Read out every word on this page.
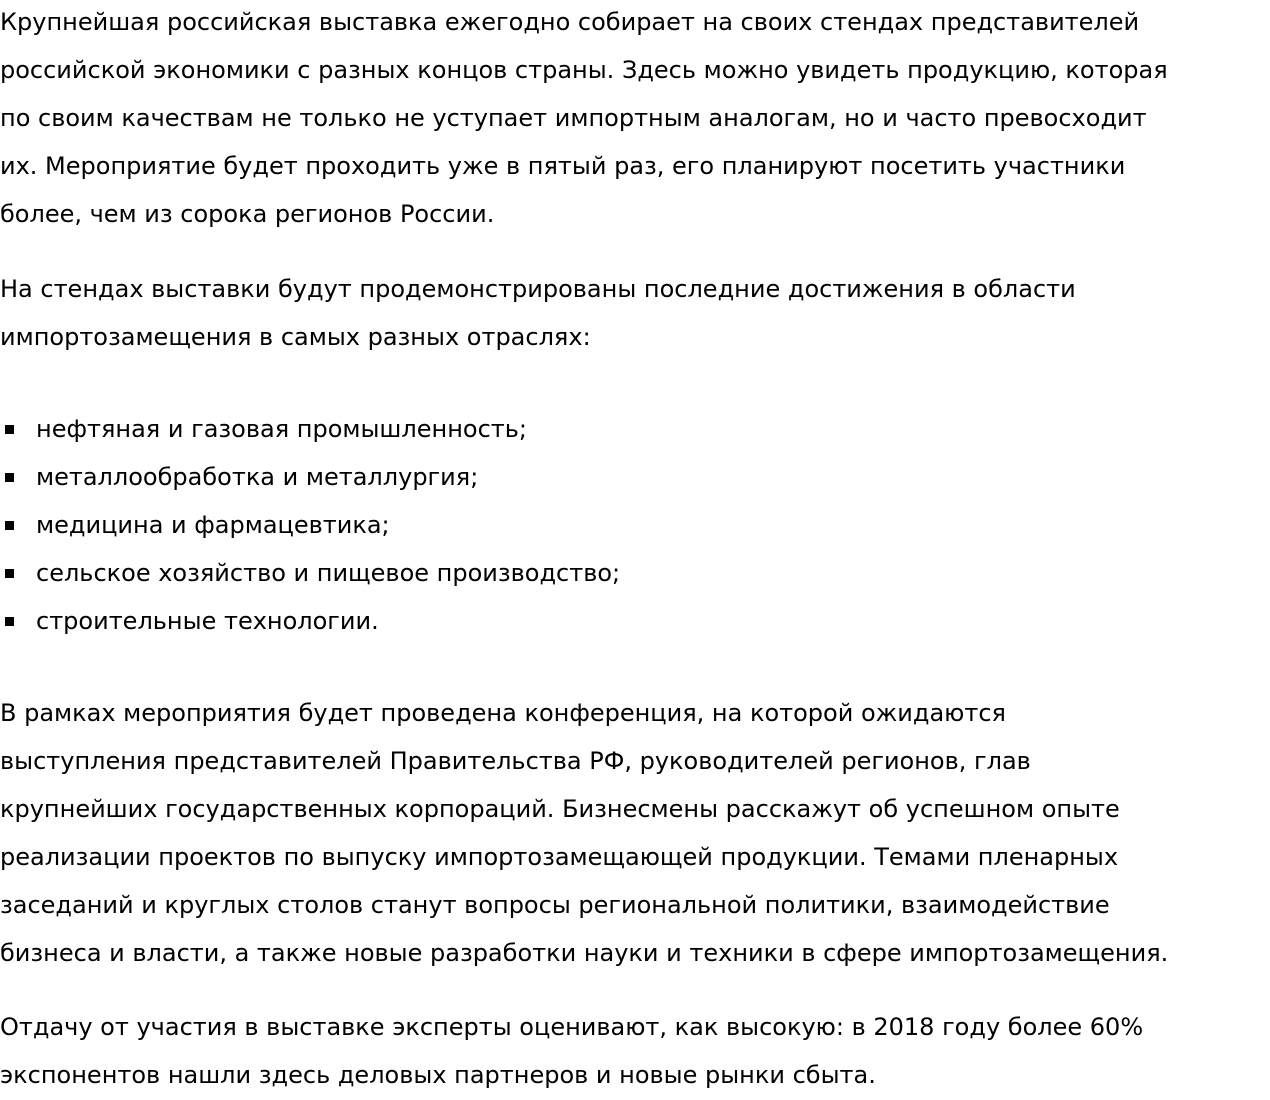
Крупнейшая российская выставка ежегодно собирает на своих стендах представителей
российской экономики с разных концов страны. Здесь можно увидеть продукцию, которая
по своим качествам не только не уступает импортным аналогам, но и часто превосходит
их. Мероприятие будет проходить уже в пятый раз, его планируют посетить участники
более, чем из сорока регионов России.

На стендах выставки будут продемонстрированы последние достижения в области
импортозамещения в самых разных отраслях:

нефтяная и газовая промышленность;
металлообработка и металлургия;
медицина и фармацевтика;
сельское хозяйство и пищевое производство;
строительные технологии.

В рамках мероприятия будет проведена конференция, на которой ожидаются
выступления представителей Правительства РФ, руководителей регионов, глав
крупнейших государственных корпораций. Бизнесмены расскажут об успешном опыте
реализации проектов по выпуску импортозамещающей продукции. Темами пленарных
заседаний и круглых столов станут вопросы региональной политики, взаимодействие
бизнеса и власти, а также новые разработки науки и техники в сфере импортозамещения.

Отдачу от участия в выставке эксперты оценивают, как высокую: в 2018 году более 60%
экспонентов нашли здесь деловых партнеров и новые рынки сбыта.
